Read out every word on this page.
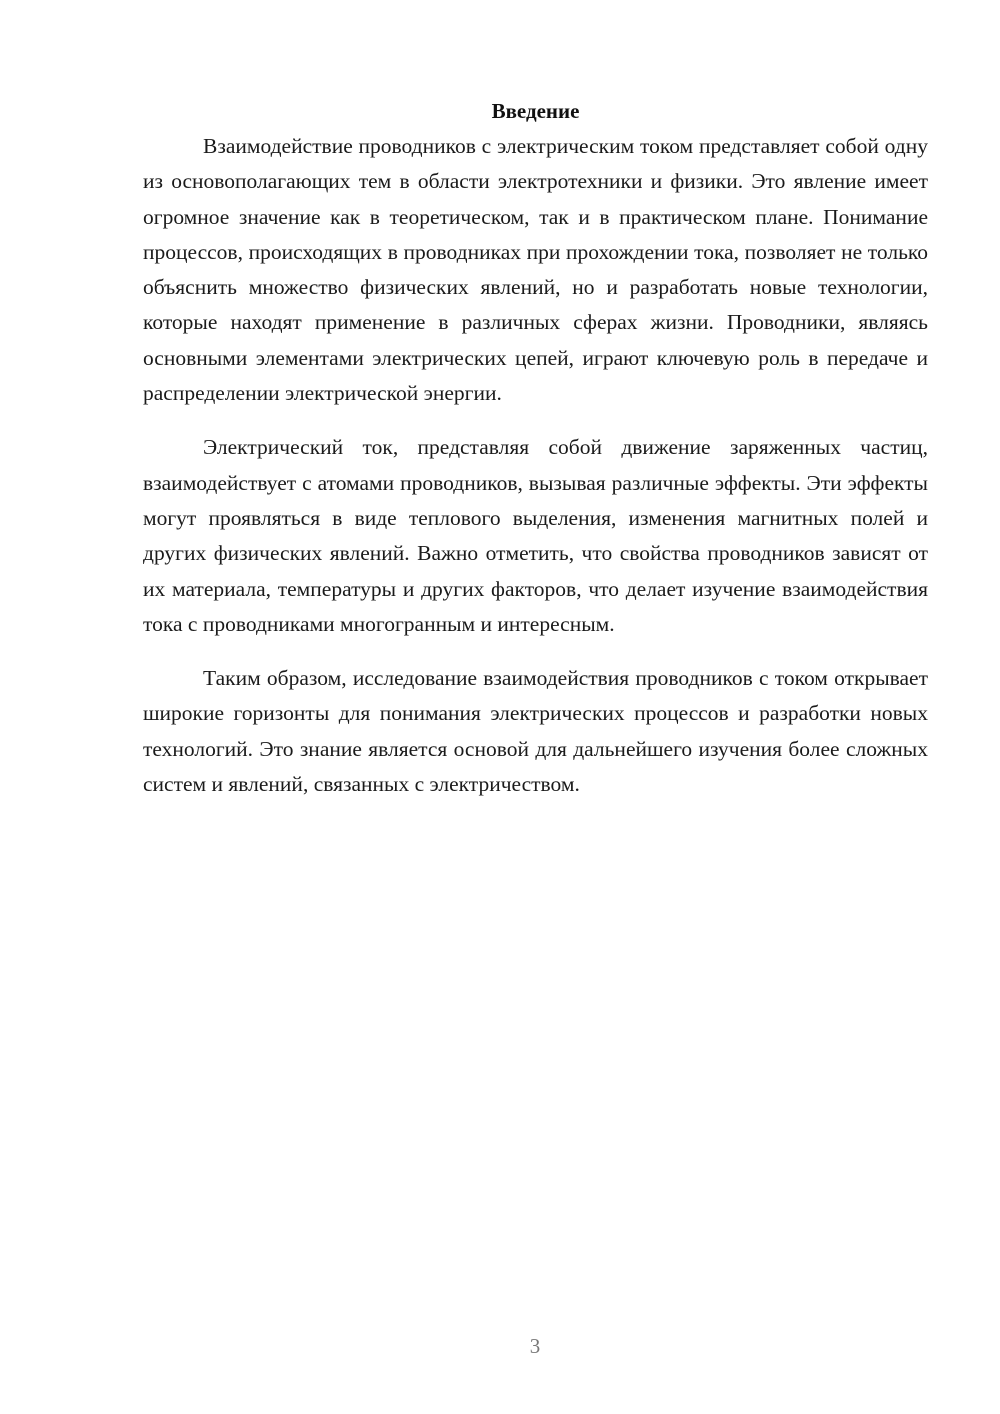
Введение

Взаимодействие проводников с электрическим током представляет собой одну из основополагающих тем в области электротехники и физики. Это явление имеет огромное значение как в теоретическом, так и в практическом плане. Понимание процессов, происходящих в проводниках при прохождении тока, позволяет не только объяснить множество физических явлений, но и разработать новые технологии, которые находят применение в различных сферах жизни. Проводники, являясь основными элементами электрических цепей, играют ключевую роль в передаче и распределении электрической энергии.

Электрический ток, представляя собой движение заряженных частиц, взаимодействует с атомами проводников, вызывая различные эффекты. Эти эффекты могут проявляться в виде теплового выделения, изменения магнитных полей и других физических явлений. Важно отметить, что свойства проводников зависят от их материала, температуры и других факторов, что делает изучение взаимодействия тока с проводниками многогранным и интересным.

Таким образом, исследование взаимодействия проводников с током открывает широкие горизонты для понимания электрических процессов и разработки новых технологий. Это знание является основой для дальнейшего изучения более сложных систем и явлений, связанных с электричеством.

3
